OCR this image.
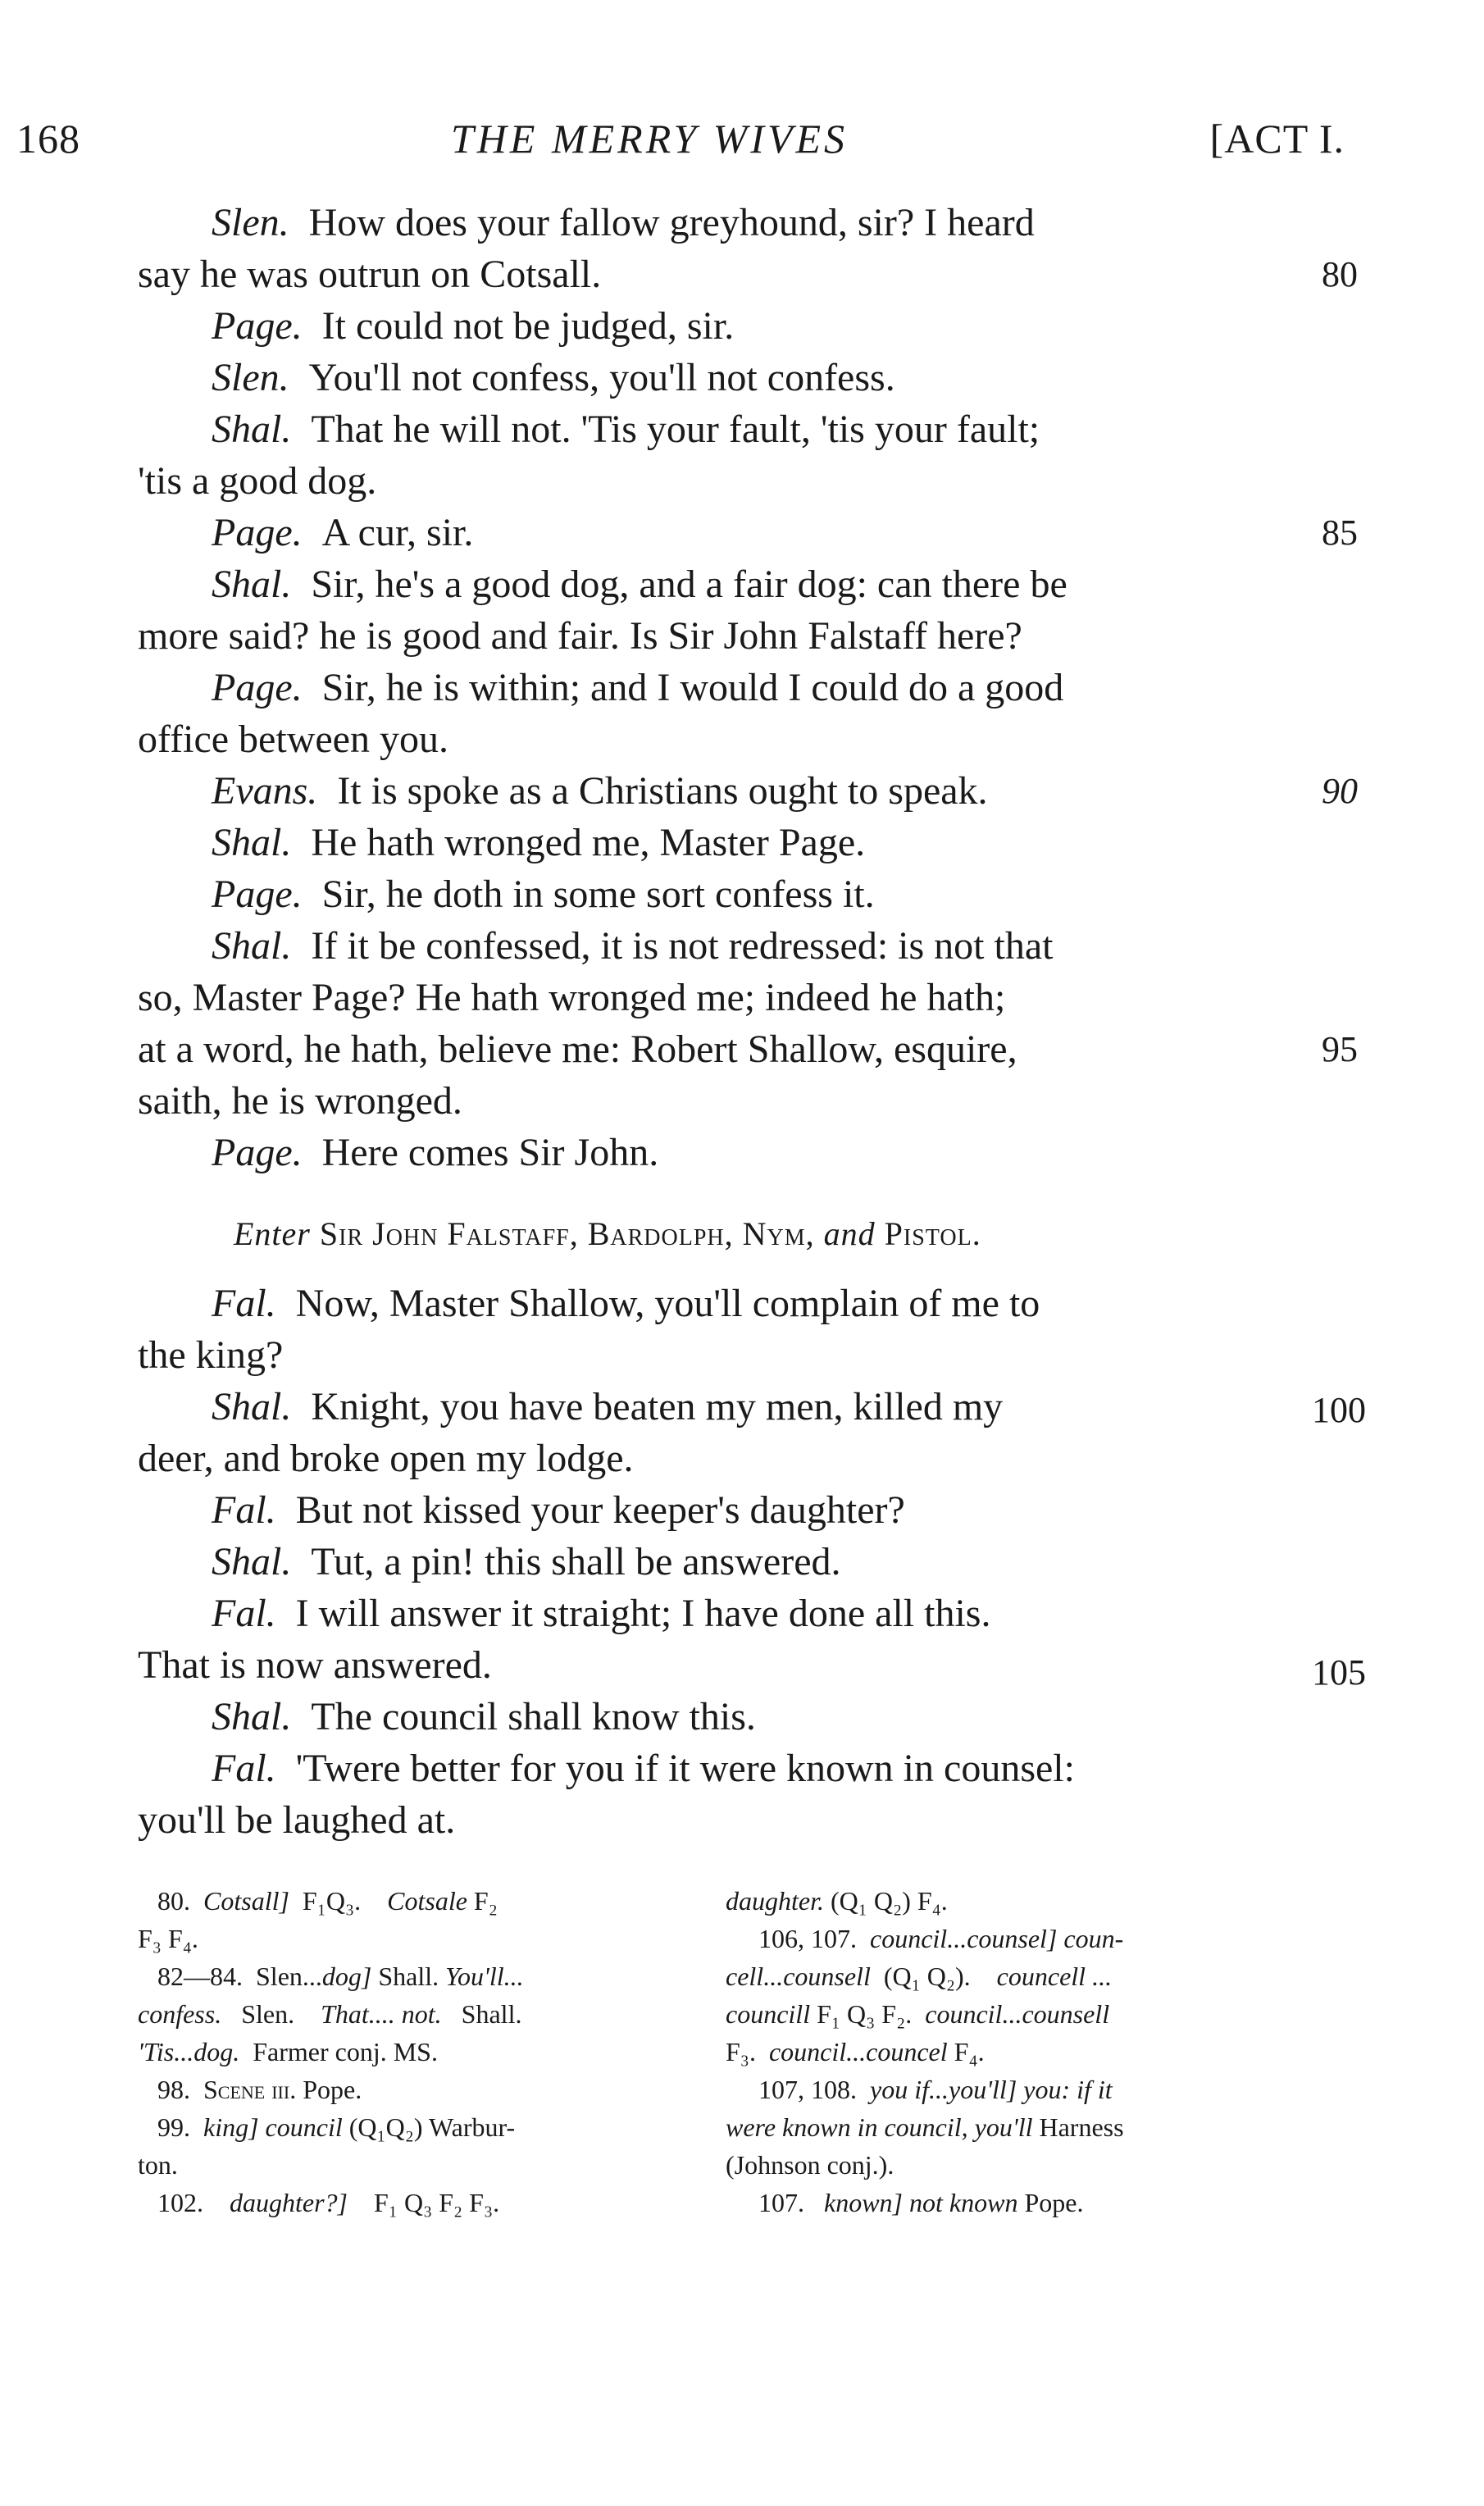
168	THE MERRY WIVES	[ACT I.
Slen. How does your fallow greyhound, sir? I heard
say he was outrun on Cotsall.	80
Page. It could not be judged, sir.
Slen. You'll not confess, you'll not confess.
Shal. That he will not. 'Tis your fault, 'tis your fault;
'tis a good dog.
Page. A cur, sir.	85
Shal. Sir, he's a good dog, and a fair dog: can there be
more said? he is good and fair. Is Sir John Falstaff here?
Page. Sir, he is within; and I would I could do a good
office between you.
Evans. It is spoke as a Christians ought to speak.	90
Shal. He hath wronged me, Master Page.
Page. Sir, he doth in some sort confess it.
Shal. If it be confessed, it is not redressed: is not that
so, Master Page? He hath wronged me; indeed he hath;
at a word, he hath, believe me: Robert Shallow, esquire,	95
saith, he is wronged.
Page. Here comes Sir John.
Enter Sir John Falstaff, Bardolph, Nym, and Pistol.
Fal. Now, Master Shallow, you'll complain of me to
the king?
Shal. Knight, you have beaten my men, killed my	100
deer, and broke open my lodge.
Fal. But not kissed your keeper's daughter?
Shal. Tut, a pin! this shall be answered.
Fal. I will answer it straight; I have done all this.
That is now answered.	105
Shal. The council shall know this.
Fal. 'Twere better for you if it were known in counsel:
you'll be laughed at.

80. Cotsall] F₁Q₃. Cotsale F₂

F₃ F₄.

82—84. Slen...dog] Shall. You'll...

confess. Slen. That.... not. Shall.

'Tis...dog. Farmer conj. MS.

98. Scene iii. Pope.

99. king] council (Q₁Q₂) Warbur-

ton.

102. daughter?] F₁ Q₃ F₂ F₃.

daughter. (Q₁ Q₂) F₄.

106, 107. council...counsel] coun-

cell...counsell (Q₁ Q₂). councell ...

councill F₁ Q₃ F₂. council...counsell

F₃. council...councel F₄.

107, 108. you if...you'll] you: if it

were known in council, you'll Harness

(Johnson conj.).

107. known] not known Pope.
